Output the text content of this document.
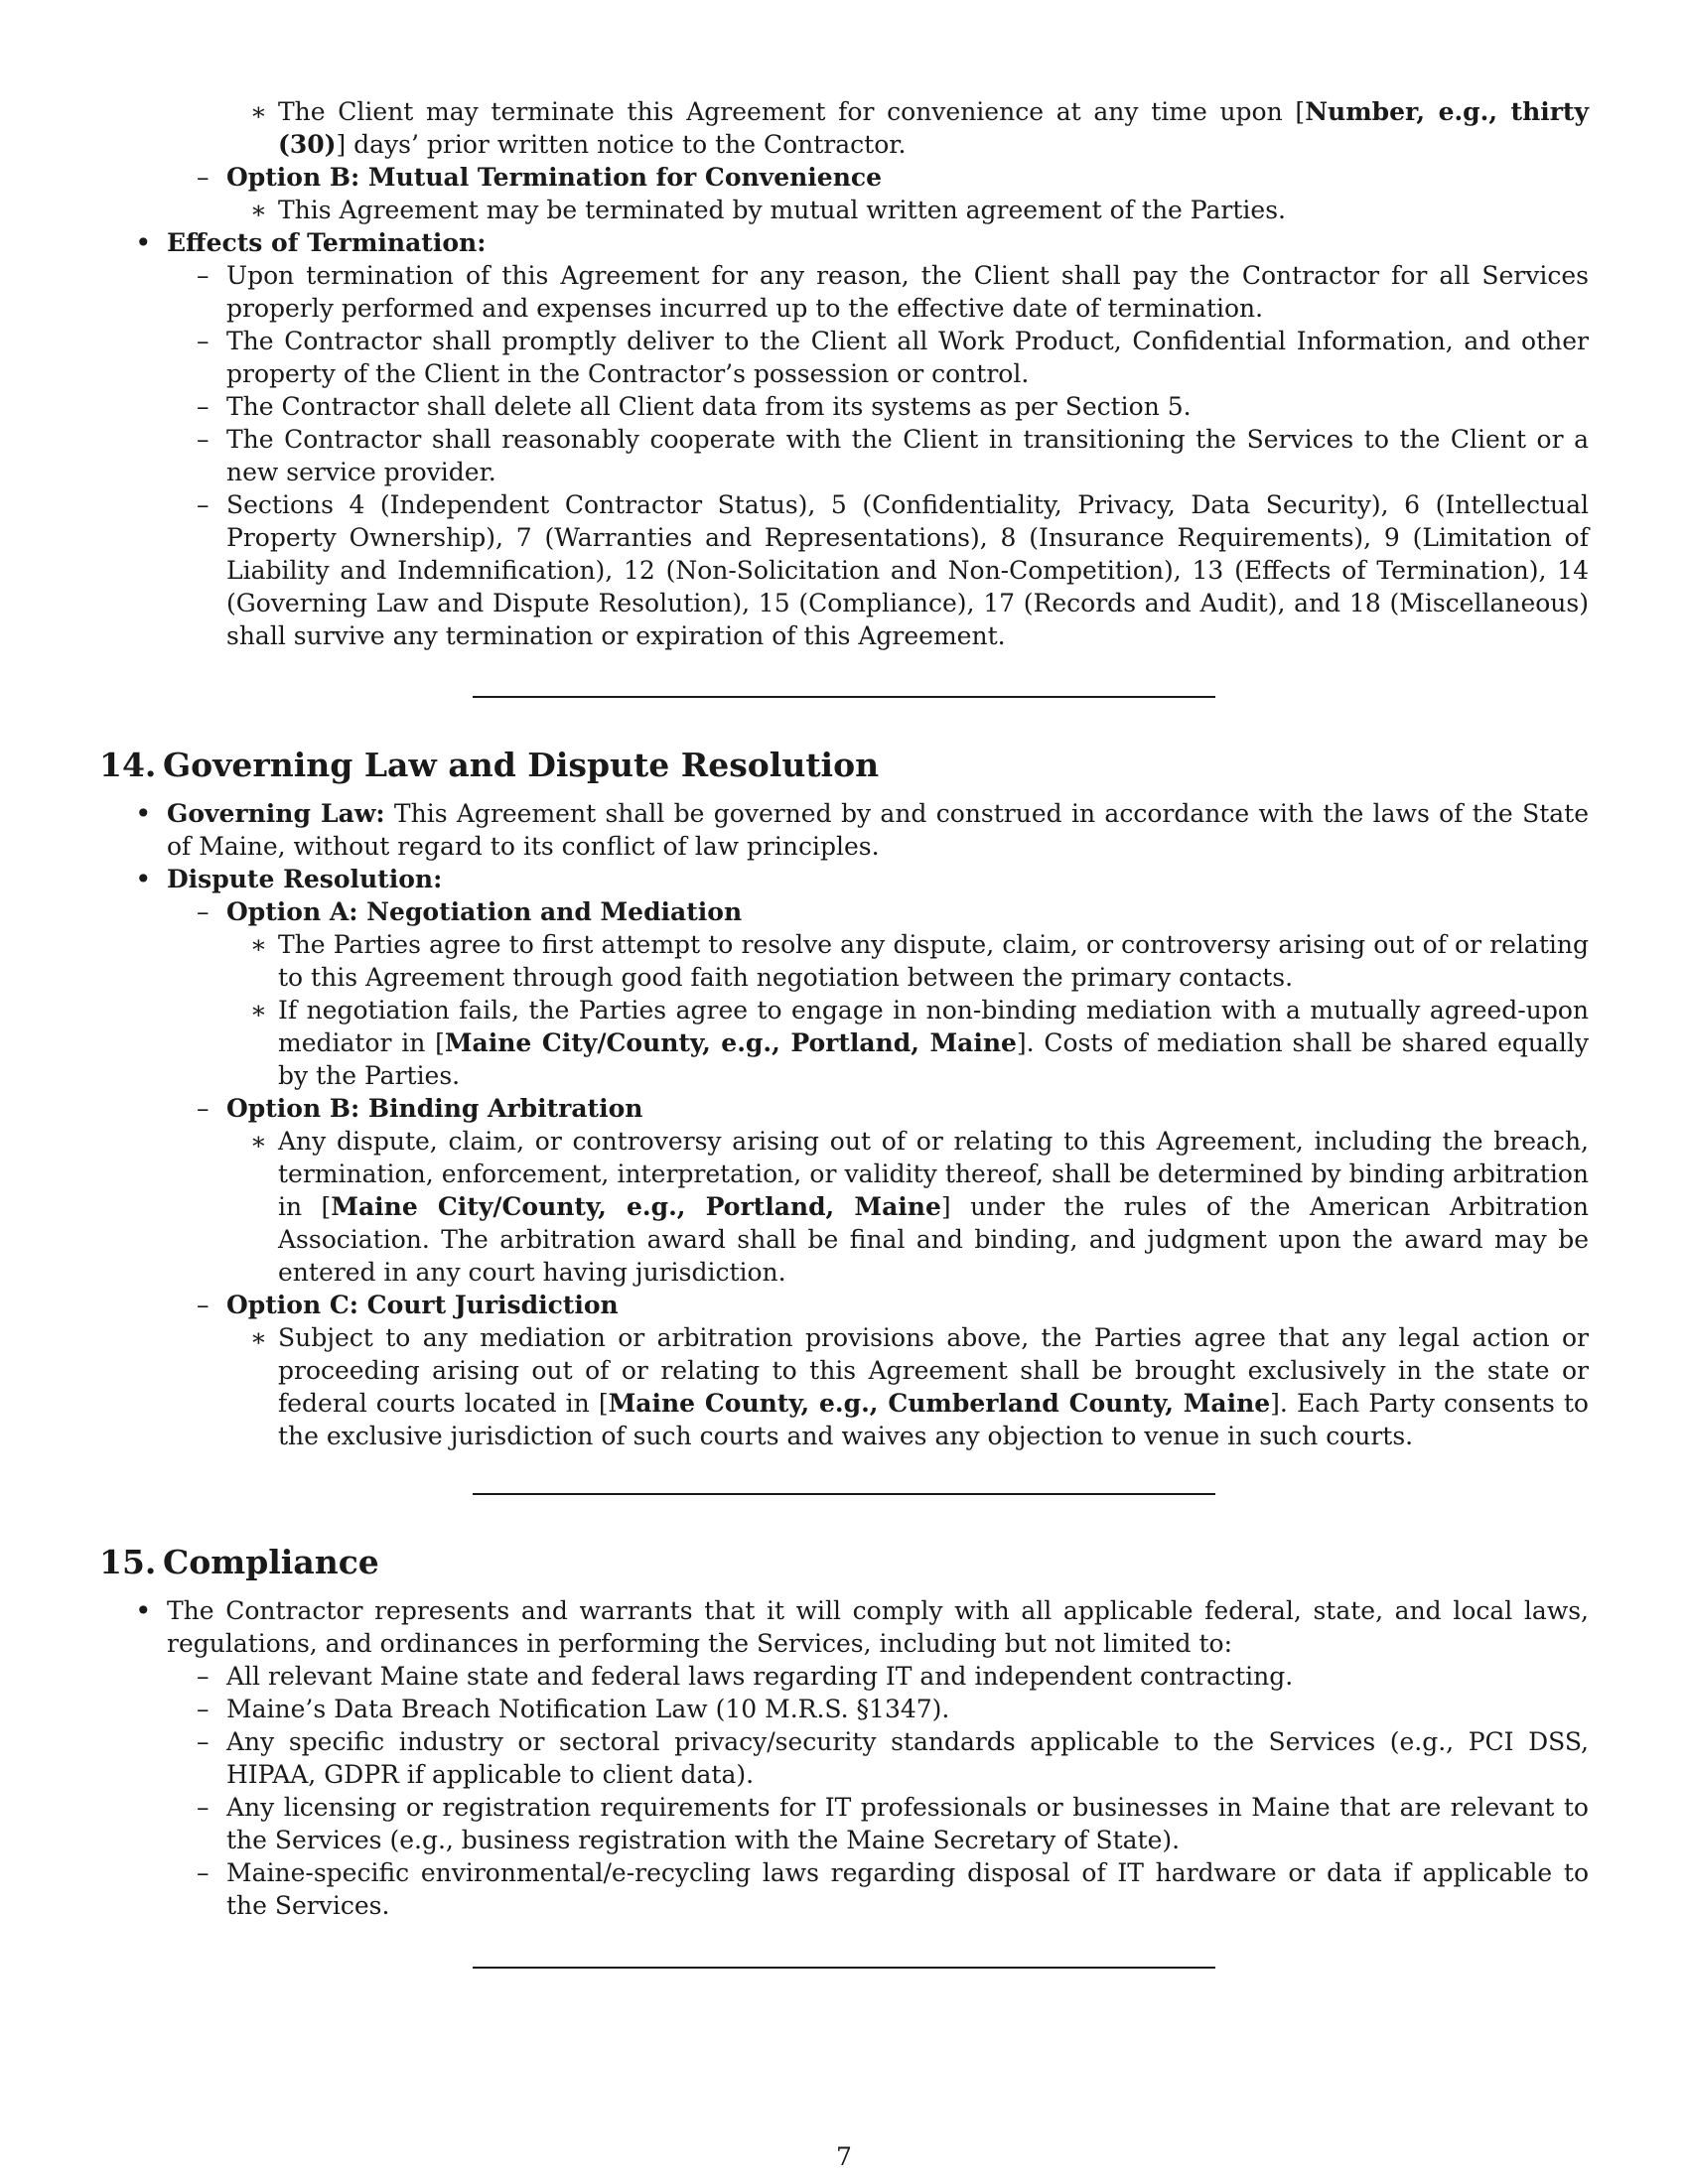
∗ The Client may terminate this Agreement for convenience at any time upon [Number, e.g., thirty (30)] days’ prior written notice to the Contractor.
– Option B: Mutual Termination for Convenience
∗ This Agreement may be terminated by mutual written agreement of the Parties.
• Effects of Termination:
– Upon termination of this Agreement for any reason, the Client shall pay the Contractor for all Services properly performed and expenses incurred up to the effective date of termination.
– The Contractor shall promptly deliver to the Client all Work Product, Confidential Information, and other property of the Client in the Contractor’s possession or control.
– The Contractor shall delete all Client data from its systems as per Section 5.
– The Contractor shall reasonably cooperate with the Client in transitioning the Services to the Client or a new service provider.
– Sections 4 (Independent Contractor Status), 5 (Confidentiality, Privacy, Data Security), 6 (Intellectual Property Ownership), 7 (Warranties and Representations), 8 (Insurance Requirements), 9 (Limitation of Liability and Indemnification), 12 (Non-Solicitation and Non-Competition), 13 (Effects of Termination), 14 (Governing Law and Dispute Resolution), 15 (Compliance), 17 (Records and Audit), and 18 (Miscellaneous) shall survive any termination or expiration of this Agreement.
14. Governing Law and Dispute Resolution
• Governing Law: This Agreement shall be governed by and construed in accordance with the laws of the State of Maine, without regard to its conflict of law principles.
• Dispute Resolution:
– Option A: Negotiation and Mediation
∗ The Parties agree to first attempt to resolve any dispute, claim, or controversy arising out of or relating to this Agreement through good faith negotiation between the primary contacts.
∗ If negotiation fails, the Parties agree to engage in non-binding mediation with a mutually agreed-upon mediator in [Maine City/County, e.g., Portland, Maine]. Costs of mediation shall be shared equally by the Parties.
– Option B: Binding Arbitration
∗ Any dispute, claim, or controversy arising out of or relating to this Agreement, including the breach, termination, enforcement, interpretation, or validity thereof, shall be determined by binding arbitration in [Maine City/County, e.g., Portland, Maine] under the rules of the American Arbitration Association. The arbitration award shall be final and binding, and judgment upon the award may be entered in any court having jurisdiction.
– Option C: Court Jurisdiction
∗ Subject to any mediation or arbitration provisions above, the Parties agree that any legal action or proceeding arising out of or relating to this Agreement shall be brought exclusively in the state or federal courts located in [Maine County, e.g., Cumberland County, Maine]. Each Party consents to the exclusive jurisdiction of such courts and waives any objection to venue in such courts.
15. Compliance
• The Contractor represents and warrants that it will comply with all applicable federal, state, and local laws, regulations, and ordinances in performing the Services, including but not limited to:
– All relevant Maine state and federal laws regarding IT and independent contracting.
– Maine’s Data Breach Notification Law (10 M.R.S. §1347).
– Any specific industry or sectoral privacy/security standards applicable to the Services (e.g., PCI DSS, HIPAA, GDPR if applicable to client data).
– Any licensing or registration requirements for IT professionals or businesses in Maine that are relevant to the Services (e.g., business registration with the Maine Secretary of State).
– Maine-specific environmental/e-recycling laws regarding disposal of IT hardware or data if applicable to the Services.
7
